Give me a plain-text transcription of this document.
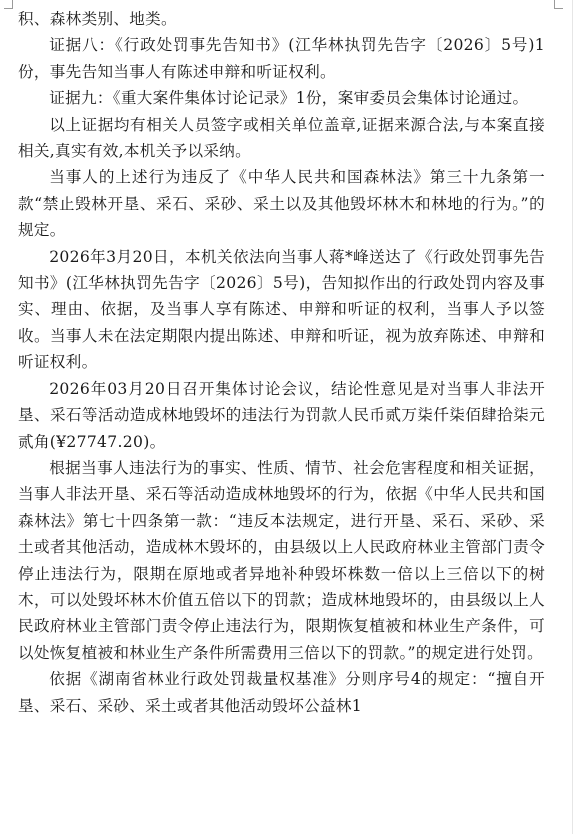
积、森林类别、地类。

证据八：《行政处罚事先告知书》(江华林执罚先告字〔2026〕5号)1份，事先告知当事人有陈述申辩和听证权利。

证据九：《重大案件集体讨论记录》1份，案审委员会集体讨论通过。

以上证据均有相关人员签字或相关单位盖章,证据来源合法,与本案直接相关,真实有效,本机关予以采纳。

当事人的上述行为违反了《中华人民共和国森林法》第三十九条第一款“禁止毁林开垦、采石、采砂、采土以及其他毁坏林木和林地的行为。”的规定。

2026年3月20日，本机关依法向当事人蒋*峰送达了《行政处罚事先告知书》(江华林执罚先告字〔2026〕5号)，告知拟作出的行政处罚内容及事实、理由、依据，及当事人享有陈述、申辩和听证的权利，当事人予以签收。当事人未在法定期限内提出陈述、申辩和听证，视为放弃陈述、申辩和听证权利。

2026年03月20日召开集体讨论会议，结论性意见是对当事人非法开垦、采石等活动造成林地毁坏的违法行为罚款人民币贰万柒仟柒佰肆拾柒元贰角(¥27747.20)。

根据当事人违法行为的事实、性质、情节、社会危害程度和相关证据，当事人非法开垦、采石等活动造成林地毁坏的行为，依据《中华人民共和国森林法》第七十四条第一款：“违反本法规定，进行开垦、采石、采砂、采土或者其他活动，造成林木毁坏的，由县级以上人民政府林业主管部门责令停止违法行为，限期在原地或者异地补种毁坏株数一倍以上三倍以下的树木，可以处毁坏林木价值五倍以下的罚款；造成林地毁坏的，由县级以上人民政府林业主管部门责令停止违法行为，限期恢复植被和林业生产条件，可以处恢复植被和林业生产条件所需费用三倍以下的罚款。”的规定进行处罚。

依据《湖南省林业行政处罚裁量权基准》分则序号4的规定：“擅自开垦、采石、采砂、采土或者其他活动毁坏公益林1
